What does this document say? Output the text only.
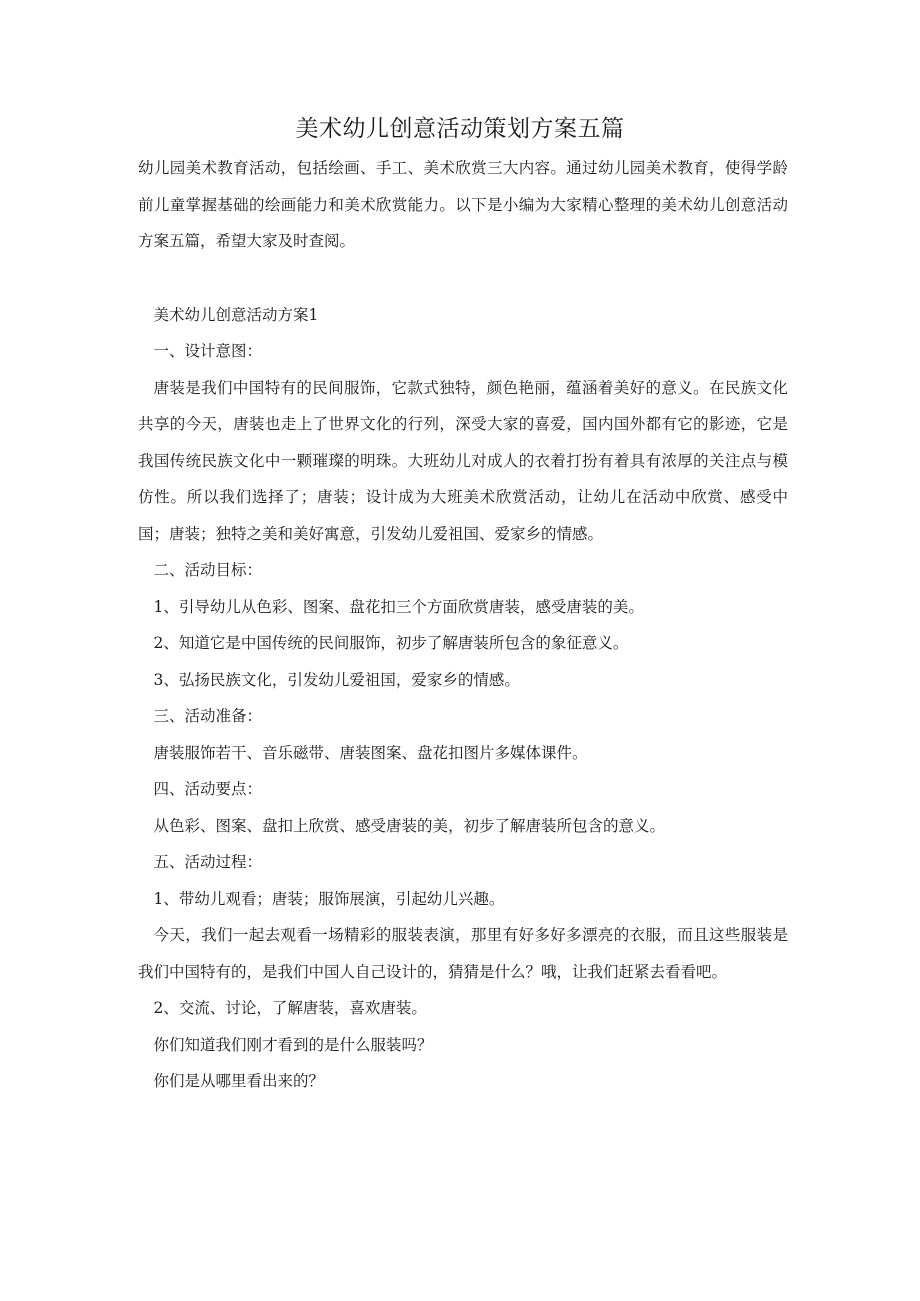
美术幼儿创意活动策划方案五篇

幼儿园美术教育活动，包括绘画、手工、美术欣赏三大内容。通过幼儿园美术教育，使得学龄前儿童掌握基础的绘画能力和美术欣赏能力。以下是小编为大家精心整理的美术幼儿创意活动方案五篇，希望大家及时查阅。

美术幼儿创意活动方案1

一、设计意图：

唐装是我们中国特有的民间服饰，它款式独特，颜色艳丽，蕴涵着美好的意义。在民族文化共享的今天，唐装也走上了世界文化的行列，深受大家的喜爱，国内国外都有它的影迹，它是我国传统民族文化中一颗璀璨的明珠。大班幼儿对成人的衣着打扮有着具有浓厚的关注点与模仿性。所以我们选择了；唐装；设计成为大班美术欣赏活动，让幼儿在活动中欣赏、感受中国；唐装；独特之美和美好寓意，引发幼儿爱祖国、爱家乡的情感。

二、活动目标：

1、引导幼儿从色彩、图案、盘花扣三个方面欣赏唐装，感受唐装的美。

2、知道它是中国传统的民间服饰，初步了解唐装所包含的象征意义。

3、弘扬民族文化，引发幼儿爱祖国，爱家乡的情感。

三、活动准备：

唐装服饰若干、音乐磁带、唐装图案、盘花扣图片多媒体课件。

四、活动要点：

从色彩、图案、盘扣上欣赏、感受唐装的美，初步了解唐装所包含的意义。

五、活动过程：

1、带幼儿观看；唐装；服饰展演，引起幼儿兴趣。

今天，我们一起去观看一场精彩的服装表演，那里有好多好多漂亮的衣服，而且这些服装是我们中国特有的，是我们中国人自己设计的，猜猜是什么？哦，让我们赶紧去看看吧。

2、交流、讨论，了解唐装，喜欢唐装。

你们知道我们刚才看到的是什么服装吗？

你们是从哪里看出来的？
